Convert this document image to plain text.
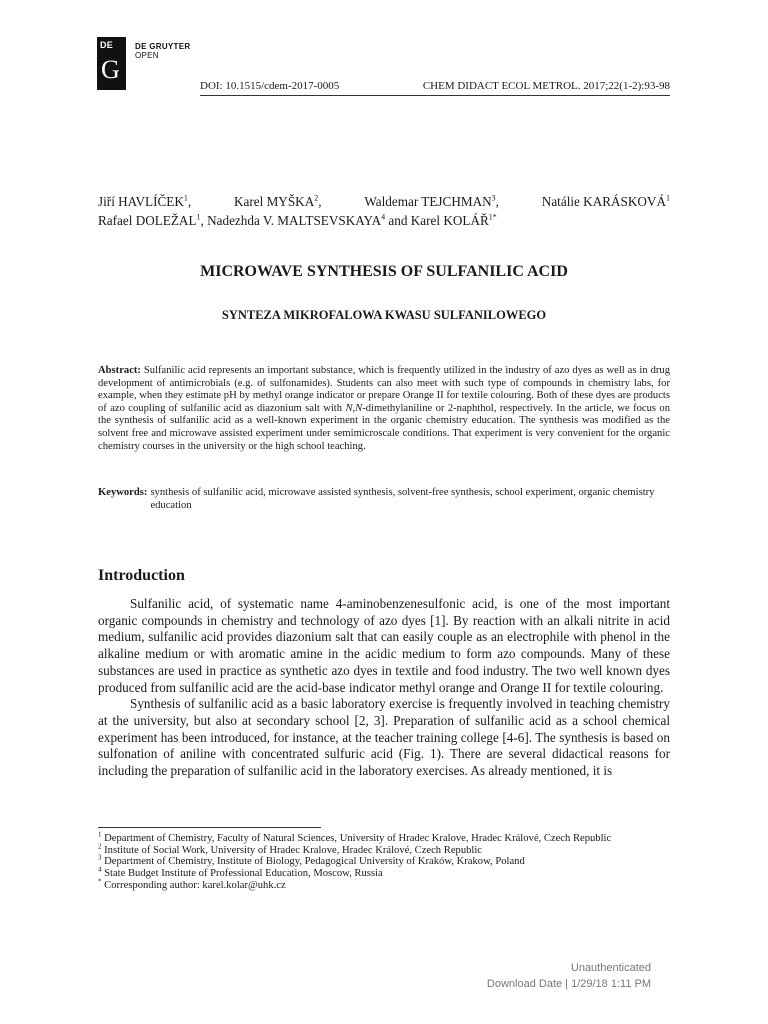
DE
G
DE GRUYTER
OPEN
DOI: 10.1515/cdem-2017-0005	CHEM DIDACT ECOL METROL. 2017;22(1-2):93-98
Jiří HAVLÍČEK$^1$,	Karel MYŠKA$^2$,	Waldemar TEJCHMAN$^3$,	Natálie KARÁSKOVÁ$^1$
Rafael DOLEŽAL$^1$, Nadezhda V. MALTSEVSKAYA$^4$ and Karel $KOLÁŘ^{1*}$
MICROWAVE SYNTHESIS OF SULFANILIC ACID
SYNTEZA MIKROFALOWA KWASU SULFANILOWEGO
Abstract: Sulfanilic acid represents an important substance, which is frequently utilized in the industry of azo dyes as well as in drug development of antimicrobials (e.g. of sulfonamides). Students can also meet with such type of compounds in chemistry labs, for example, when they estimate pH by methyl orange indicator or prepare Orange II for textile colouring. Both of these dyes are products of azo coupling of sulfanilic acid as diazonium salt with N,N-dimethylaniline or 2-naphthol, respectively. In the article, we focus on the synthesis of sulfanilic acid as a well-known experiment in the organic chemistry education. The synthesis was modified as the solvent free and microwave assisted experiment under semimicroscale conditions. That experiment is very convenient for the organic chemistry courses in the university or the high school teaching.
Keywords: synthesis of sulfanilic acid, microwave assisted synthesis, solvent-free synthesis, school experiment, organic chemistry education
Introduction

Sulfanilic acid, of systematic name 4-aminobenzenesulfonic acid, is one of the most important organic compounds in chemistry and technology of azo dyes [1]. By reaction with an alkali nitrite in acid medium, sulfanilic acid provides diazonium salt that can easily couple as an electrophile with phenol in the alkaline medium or with aromatic amine in the acidic medium to form azo compounds. Many of these substances are used in practice as synthetic azo dyes in textile and food industry. The two well known dyes produced from sulfanilic acid are the acid-base indicator methyl orange and Orange II for textile colouring.

Synthesis of sulfanilic acid as a basic laboratory exercise is frequently involved in teaching chemistry at the university, but also at secondary school [2, 3]. Preparation of sulfanilic acid as a school chemical experiment has been introduced, for instance, at the teacher training college [4-6]. The synthesis is based on sulfonation of aniline with concentrated sulfuric acid (Fig. 1). There are several didactical reasons for including the preparation of sulfanilic acid in the laboratory exercises. As already mentioned, it is

$^1$ Department of Chemistry, Faculty of Natural Sciences, University of Hradec Kralove, Hradec Králové, Czech Republic
$^2$ Institute of Social Work, University of Hradec Kralove, Hradec Králové, Czech Republic
$^3$ Department of Chemistry, Institute of Biology, Pedagogical University of Kraków, Krakow, Poland
$^4$ State Budget Institute of Professional Education, Moscow, Russia
* Corresponding author: karel.kolar@uhk.cz
Unauthenticated
Download Date | 1/29/18 1:11 PM
